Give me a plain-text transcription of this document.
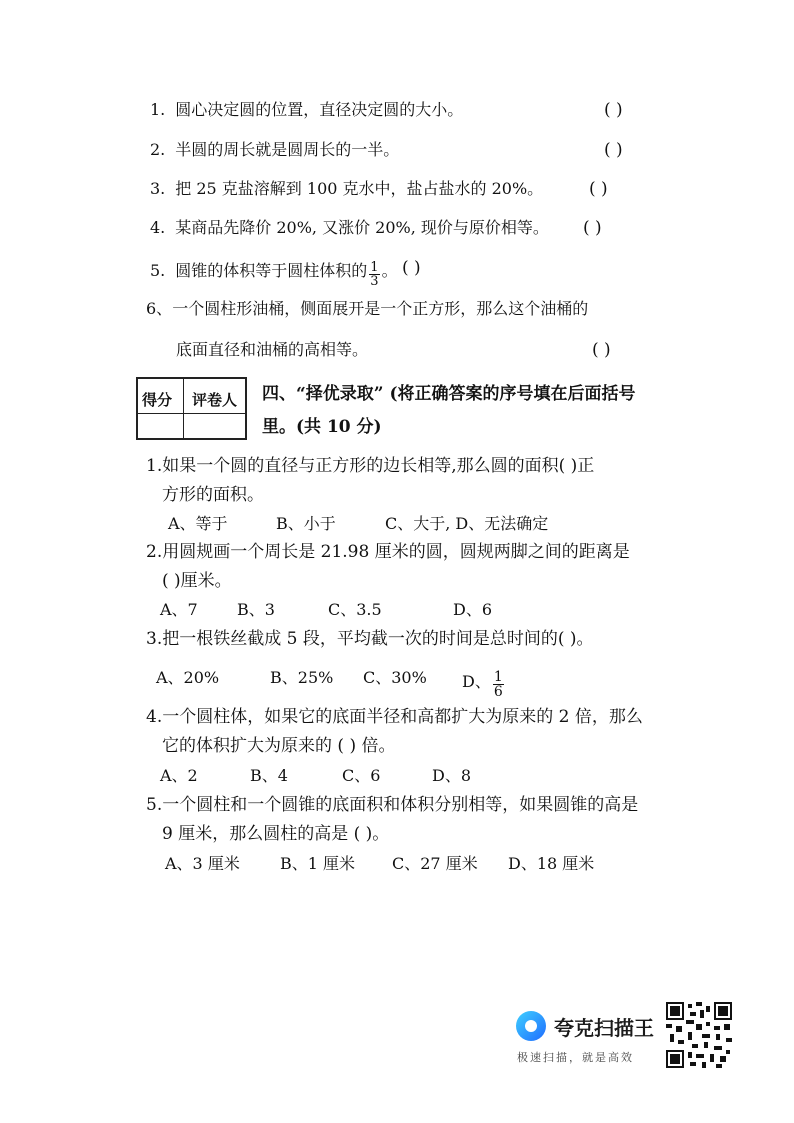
1. 圆心决定圆的位置，直径决定圆的大小。	( )
2. 半圆的周长就是圆周长的一半。	( )
3. 把 25 克盐溶解到 100 克水中，盐占盐水的 20%。	( )
4. 某商品先降价 20%, 又涨价 20%, 现价与原价相等。 ( )
5. 圆锥的体积等于圆柱体积的 $\frac{1}{3}$ 。 ( )
6、一个圆柱形油桶，侧面展开是一个正方形，那么这个油桶的
底面直径和油桶的高相等。	( )
得分 评卷人 四、“择优录取” (将正确答案的序号填在后面括号
里。(共 10 分)
1.如果一个圆的直径与正方形的边长相等,那么圆的面积( )正
方形的面积。
A、等于	B、小于	C、大于, D、无法确定
2.用圆规画一个周长是 21.98 厘米的圆，圆规两脚之间的距离是
( )厘米。
A、7 B、3	C、3.5	D、6
3.把一根铁丝截成 5 段，平均截一次的时间是总时间的( )。
A、20%	B、25% C、30% D、 $\frac{1}{6}$
4.一个圆柱体，如果它的底面半径和高都扩大为原来的 2 倍，那么
它的体积扩大为原来的 ( ) 倍。
A、2	B、4	C、6	D、8
5.一个圆柱和一个圆锥的底面积和体积分别相等，如果圆锥的高是
9 厘米，那么圆柱的高是 ( )。
A、3 厘米	B、1 厘米 C、27 厘米 D、18 厘米
夸克扫描王
极速扫描，就是高效
